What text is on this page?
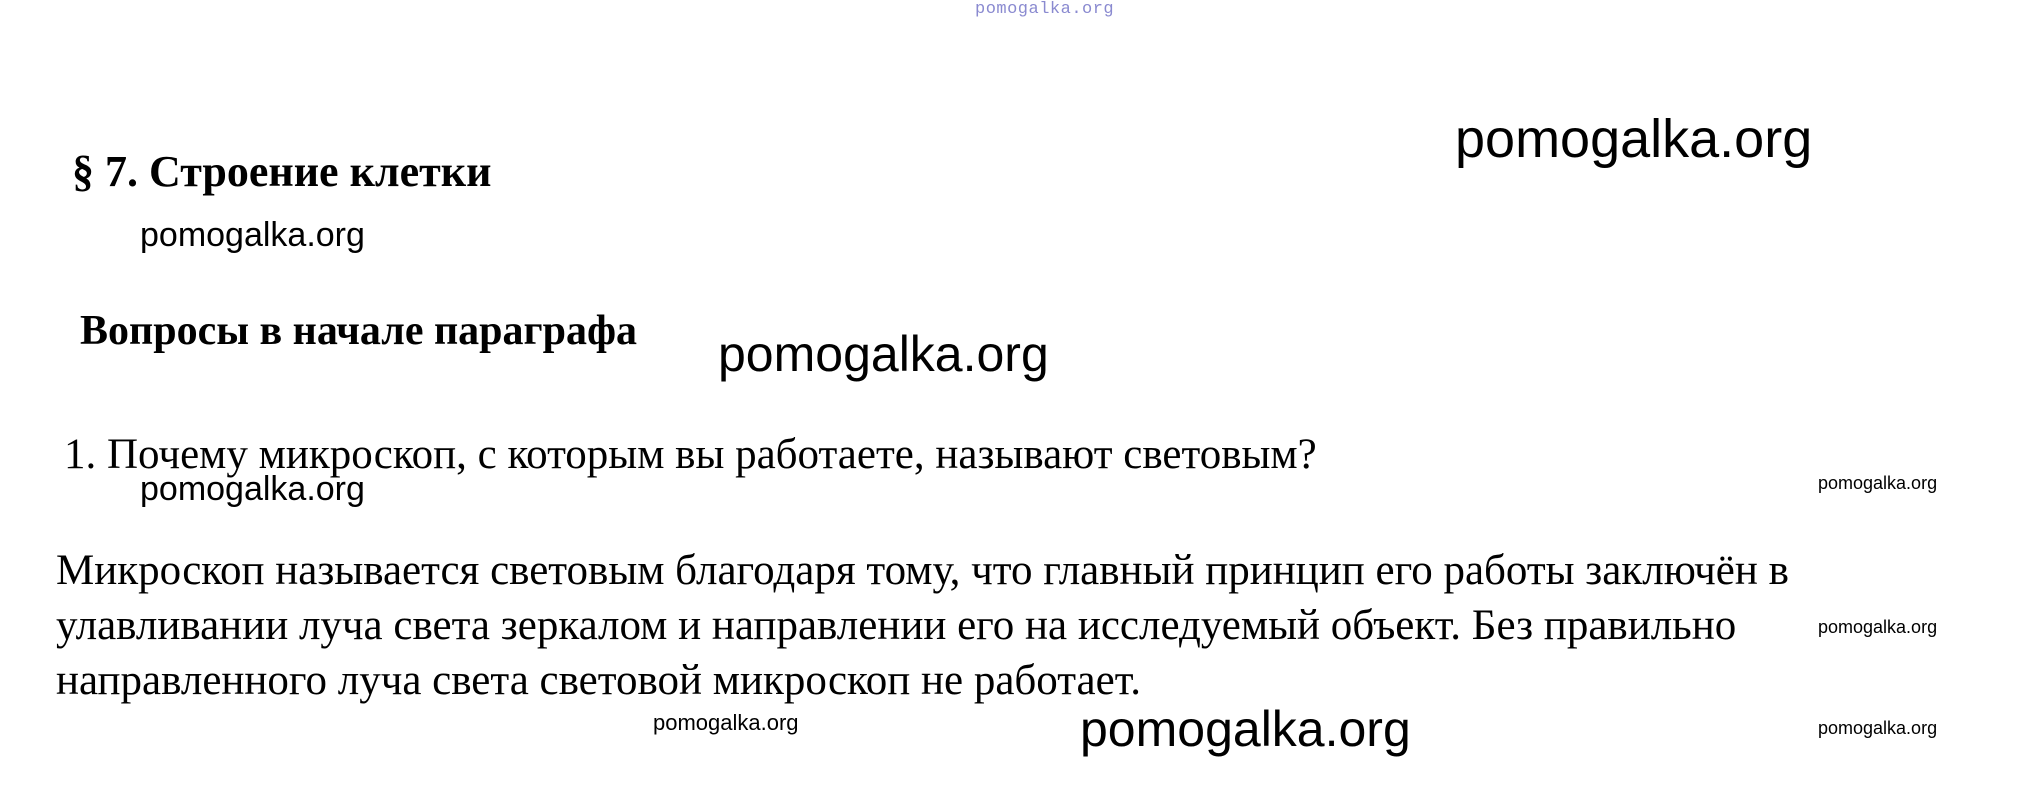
pomogalka.org
§ 7. Строение клетки
pomogalka.org
pomogalka.org
Вопросы в начале параграфа pomogalka.org

1. Почему микроскоп, с которым вы работаете, называют световым?

pomogalka.org	pomogalka.org

Микроскоп называется световым благодаря тому, что главный принцип его работы заключён в улавливании луча света зеркалом и направлении его на исследуемый объект. Без правильно направленного луча света световой микроскоп не работает.

pomogalka.org
pomogalka.org	pomogalka.org	pomogalka.org
